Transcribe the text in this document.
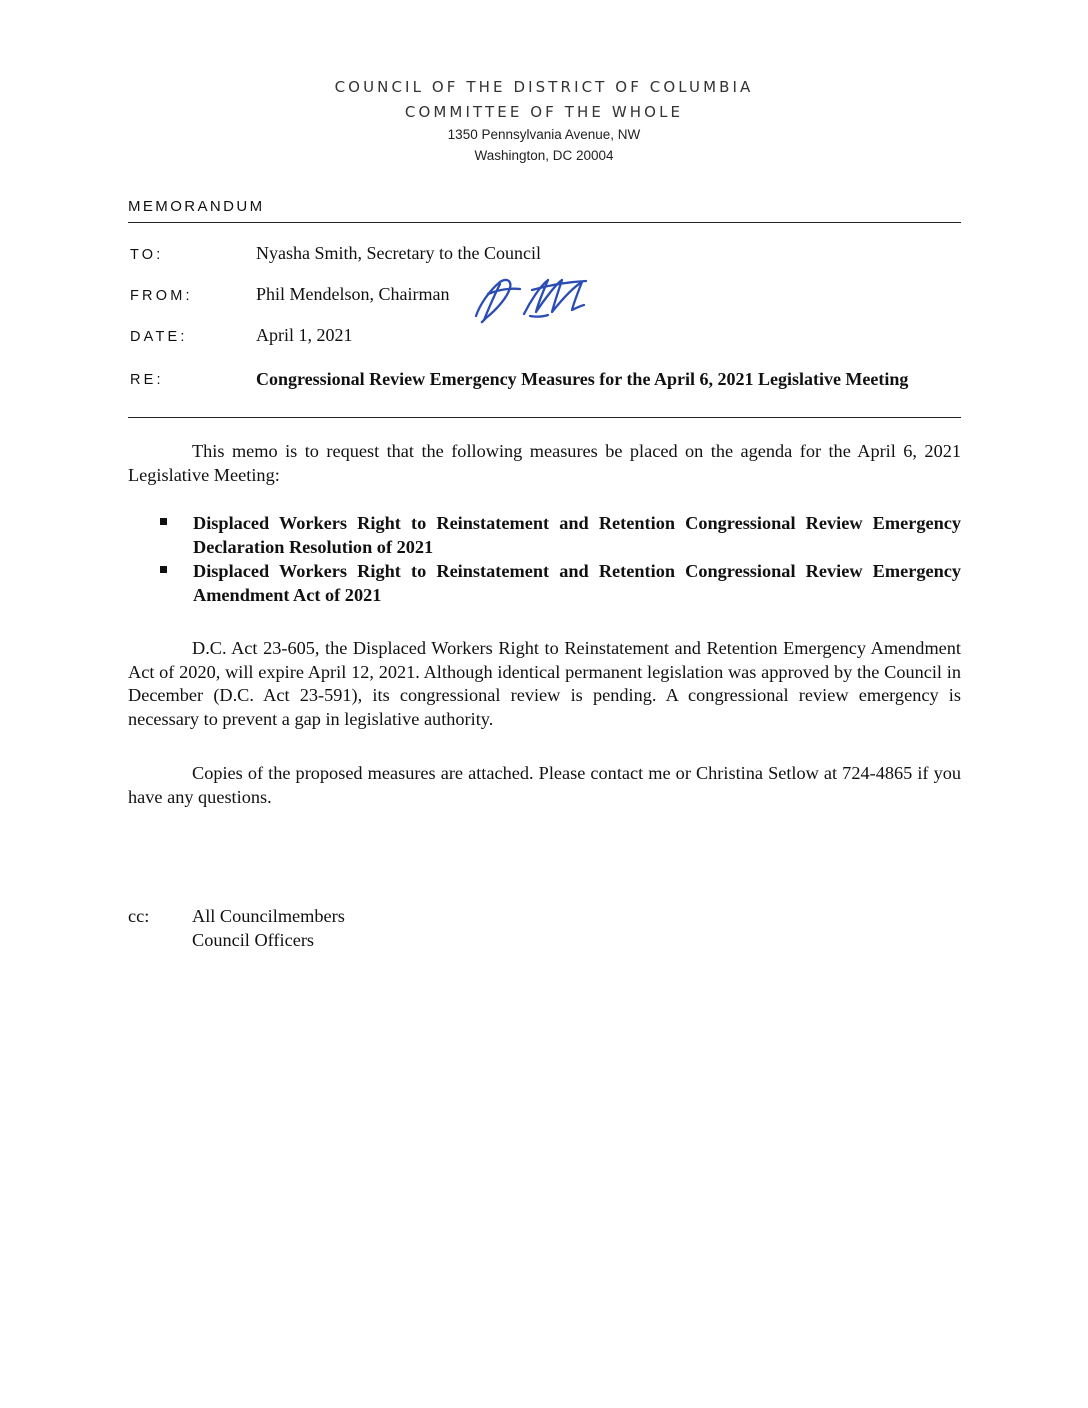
COUNCIL OF THE DISTRICT OF COLUMBIA
COMMITTEE OF THE WHOLE
1350 Pennsylvania Avenue, NW
Washington, DC 20004
MEMORANDUM
TO:	Nyasha Smith, Secretary to the Council
FROM:	Phil Mendelson, Chairman
DATE:	April 1, 2021
RE:	Congressional Review Emergency Measures for the April 6, 2021 Legislative Meeting
This memo is to request that the following measures be placed on the agenda for the April 6, 2021 Legislative Meeting:
Displaced Workers Right to Reinstatement and Retention Congressional Review Emergency Declaration Resolution of 2021
Displaced Workers Right to Reinstatement and Retention Congressional Review Emergency Amendment Act of 2021
D.C. Act 23-605, the Displaced Workers Right to Reinstatement and Retention Emergency Amendment Act of 2020, will expire April 12, 2021. Although identical permanent legislation was approved by the Council in December (D.C. Act 23-591), its congressional review is pending. A congressional review emergency is necessary to prevent a gap in legislative authority.
Copies of the proposed measures are attached. Please contact me or Christina Setlow at 724-4865 if you have any questions.
cc: All Councilmembers
Council Officers
